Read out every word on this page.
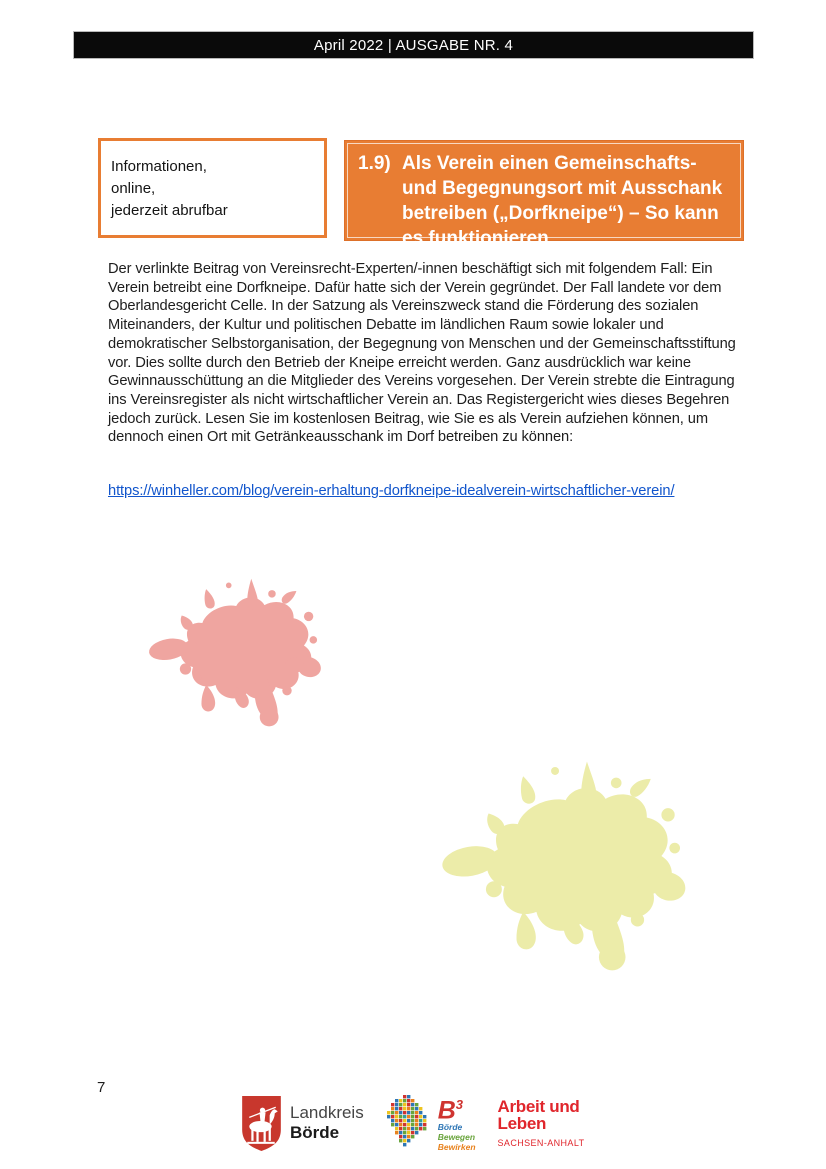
April 2022 | AUSGABE NR. 4
Informationen,
online,
jederzeit abrufbar
1.9) Als Verein einen Gemeinschafts- und Begegnungsort mit Ausschank betreiben („Dorfkneipe“) – So kann es funktionieren

Der verlinkte Beitrag von Vereinsrecht-Experten/-innen beschäftigt sich mit folgendem Fall: Ein Verein betreibt eine Dorfkneipe. Dafür hatte sich der Verein gegründet. Der Fall landete vor dem Oberlandesgericht Celle. In der Satzung als Vereinszweck stand die Förderung des sozialen Miteinanders, der Kultur und politischen Debatte im ländlichen Raum sowie lokaler und demokratischer Selbstorganisation, der Begegnung von Menschen und der Gemeinschaftsstiftung vor. Dies sollte durch den Betrieb der Kneipe erreicht werden. Ganz ausdrücklich war keine Gewinnausschüttung an die Mitglieder des Vereins vorgesehen. Der Verein strebte die Eintragung ins Vereinsregister als nicht wirtschaftlicher Verein an. Das Registergericht wies dieses Begehren jedoch zurück. Lesen Sie im kostenlosen Beitrag, wie Sie es als Verein aufziehen können, um dennoch einen Ort mit Getränkeausschank im Dorf betreiben zu können:

https://winheller.com/blog/verein-erhaltung-dorfkneipe-idealverein-wirtschaftlicher-verein/
7
Landkreis
Börde
$B^3$
Börde
Bewegen
Bewirken
Arbeit und
Leben
SACHSEN-ANHALT
